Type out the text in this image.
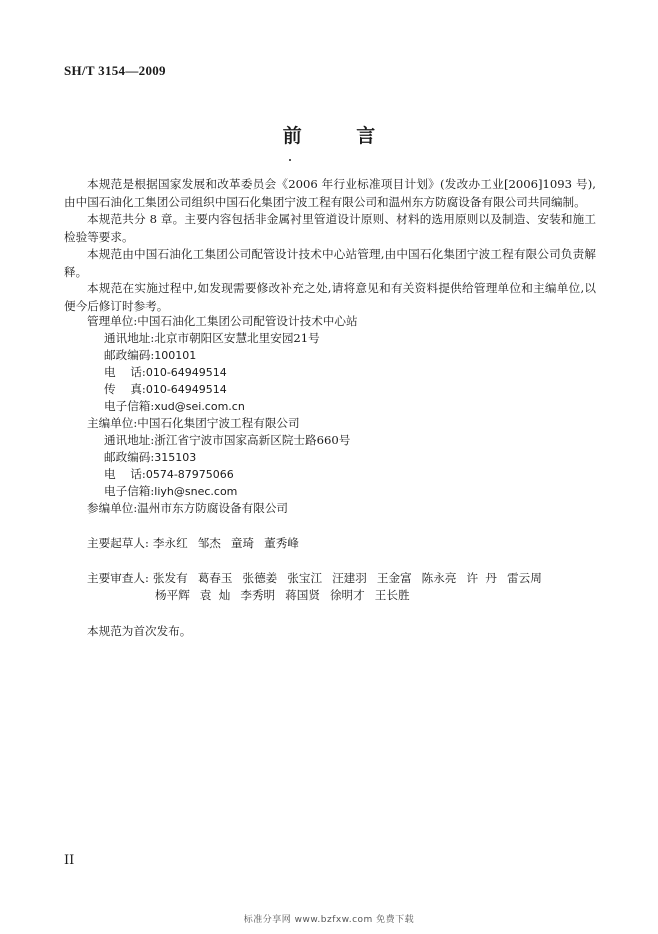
SH/T 3154—2009
前 言
本规范是根据国家发展和改革委员会《2006 年行业标准项目计划》(发改办工业[2006]1093 号),由中国石油化工集团公司组织中国石化集团宁波工程有限公司和温州东方防腐设备有限公司共同编制。
本规范共分 8 章。主要内容包括非金属衬里管道设计原则、材料的选用原则以及制造、安装和施工检验等要求。
本规范由中国石油化工集团公司配管设计技术中心站管理,由中国石化集团宁波工程有限公司负责解释。
本规范在实施过程中,如发现需要修改补充之处,请将意见和有关资料提供给管理单位和主编单位,以便今后修订时参考。
管理单位:中国石油化工集团公司配管设计技术中心站
通讯地址:北京市朝阳区安慧北里安园21号
邮政编码:100101
电    话:010-64949514
传    真:010-64949514
电子信箱:xud@sei.com.cn
主编单位:中国石化集团宁波工程有限公司
通讯地址:浙江省宁波市国家高新区院士路660号
邮政编码:315103
电    话:0574-87975066
电子信箱:liyh@snec.com
参编单位:温州市东方防腐设备有限公司
主要起草人: 李永红 邹杰 童琦 董秀峰
主要审查人: 张发有 葛春玉 张德姜 张宝江 汪建羽 王金富 陈永亮 许  丹 雷云周
杨平辉 袁  灿 李秀明 蒋国贤 徐明才 王长胜
本规范为首次发布。
II
标准分享网 www.bzfxw.com 免费下载
